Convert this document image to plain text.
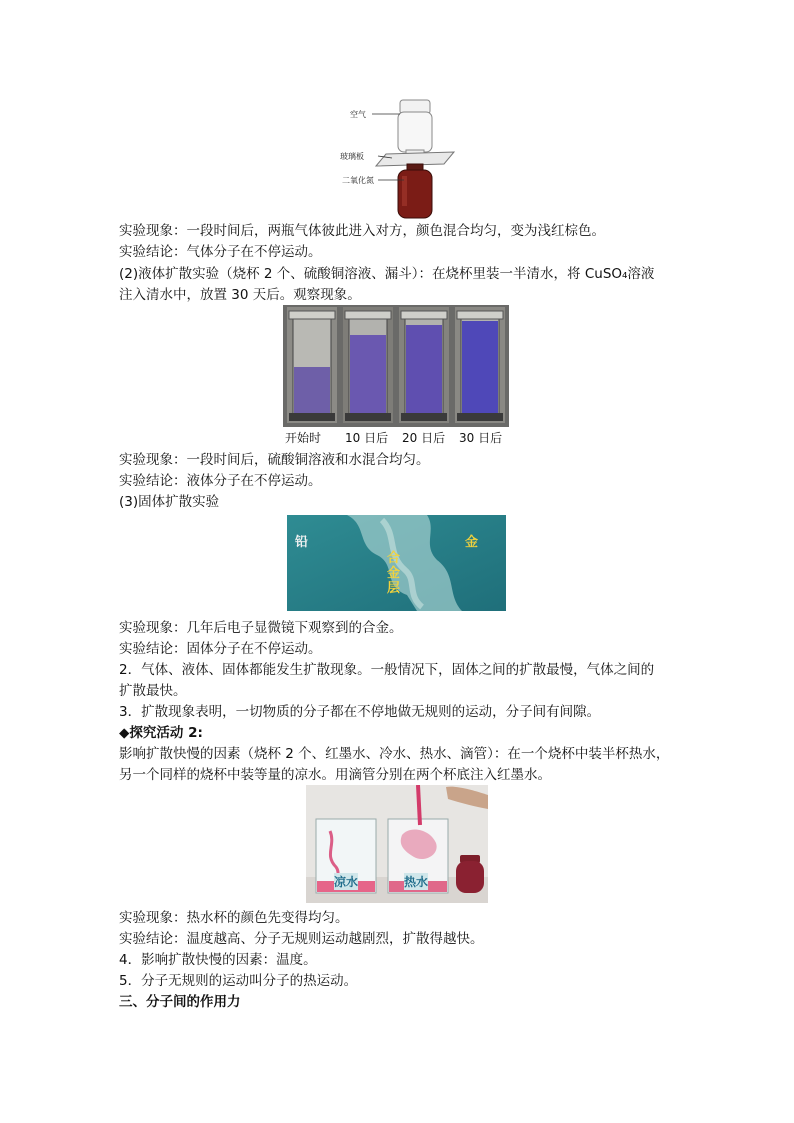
空气
玻璃板
二氧化氮
实验现象：一段时间后，两瓶气体彼此进入对方，颜色混合均匀，变为浅红棕色。
实验结论：气体分子在不停运动。
(2)液体扩散实验（烧杯 2 个、硫酸铜溶液、漏斗）：在烧杯里装一半清水，将 CuSO₄溶液
注入清水中，放置 30 天后。观察现象。
开始时 10 日后 20 日后 30 日后
实验现象：一段时间后，硫酸铜溶液和水混合均匀。
实验结论：液体分子在不停运动。
(3)固体扩散实验
铅	金
合金层
实验现象：几年后电子显微镜下观察到的合金。
实验结论：固体分子在不停运动。
2．气体、液体、固体都能发生扩散现象。一般情况下，固体之间的扩散最慢，气体之间的
扩散最快。
3．扩散现象表明，一切物质的分子都在不停地做无规则的运动，分子间有间隙。
◆探究活动 2:
影响扩散快慢的因素（烧杯 2 个、红墨水、冷水、热水、滴管）：在一个烧杯中装半杯热水，
另一个同样的烧杯中装等量的凉水。用滴管分别在两个杯底注入红墨水。
凉水	热水
实验现象：热水杯的颜色先变得均匀。
实验结论：温度越高、分子无规则运动越剧烈，扩散得越快。
4．影响扩散快慢的因素：温度。
5．分子无规则的运动叫分子的热运动。
三、分子间的作用力
